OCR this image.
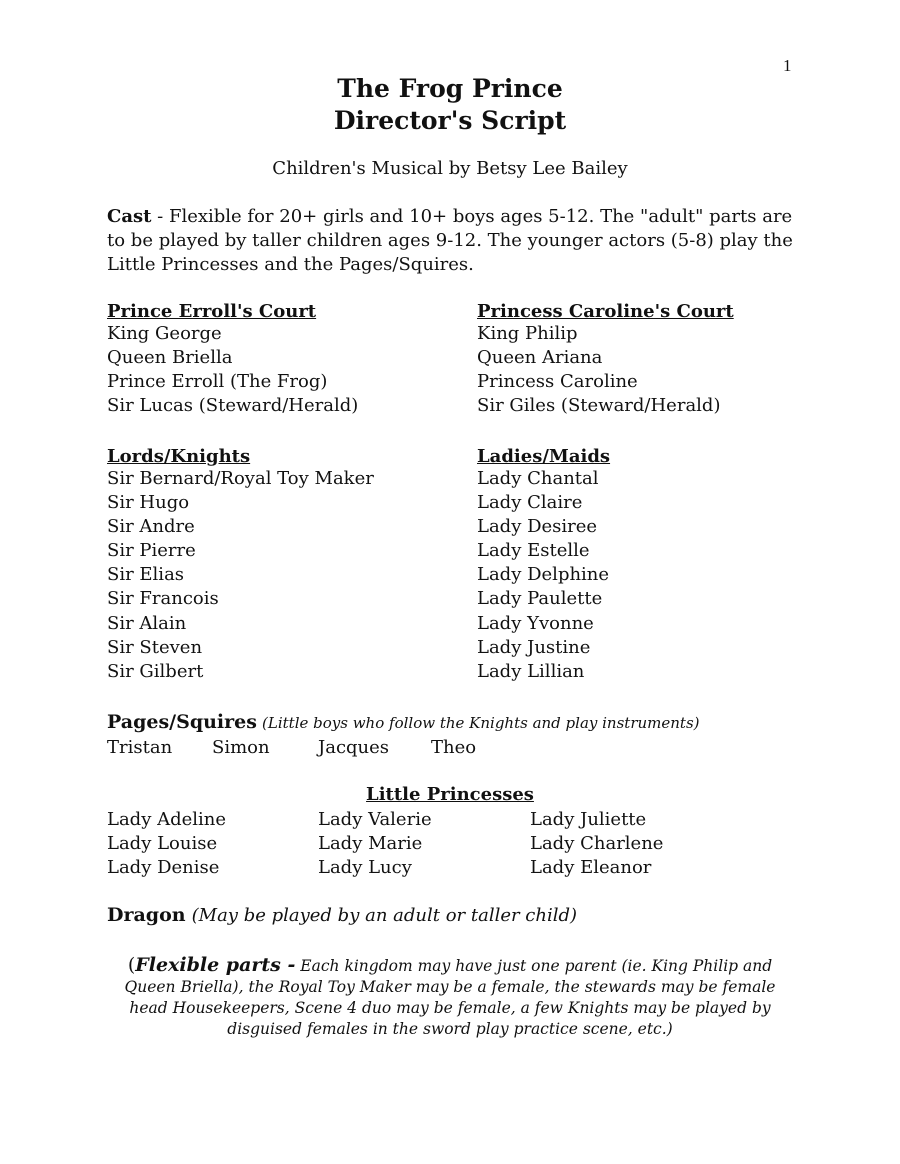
1
The Frog Prince
Director's Script
Children's Musical by Betsy Lee Bailey
Cast - Flexible for 20+ girls and 10+ boys ages 5-12. The "adult" parts are to be played by taller children ages 9-12. The younger actors (5-8) play the Little Princesses and the Pages/Squires.
Prince Erroll's Court
King George
Queen Briella
Prince Erroll (The Frog)
Sir Lucas (Steward/Herald)
Princess Caroline's Court
King Philip
Queen Ariana
Princess Caroline
Sir Giles (Steward/Herald)
Lords/Knights
Sir Bernard/Royal Toy Maker
Sir Hugo
Sir Andre
Sir Pierre
Sir Elias
Sir Francois
Sir Alain
Sir Steven
Sir Gilbert
Ladies/Maids
Lady Chantal
Lady Claire
Lady Desiree
Lady Estelle
Lady Delphine
Lady Paulette
Lady Yvonne
Lady Justine
Lady Lillian
Pages/Squires (Little boys who follow the Knights and play instruments)
Tristan Simon	Jacques Theo
Little Princesses
Lady Adeline
Lady Louise
Lady Denise
Lady Valerie
Lady Marie
Lady Lucy
Lady Juliette
Lady Charlene
Lady Eleanor
Dragon (May be played by an adult or taller child)
(Flexible parts - Each kingdom may have just one parent (ie. King Philip and Queen Briella), the Royal Toy Maker may be a female, the stewards may be female head Housekeepers, Scene 4 duo may be female, a few Knights may be played by disguised females in the sword play practice scene, etc.)
